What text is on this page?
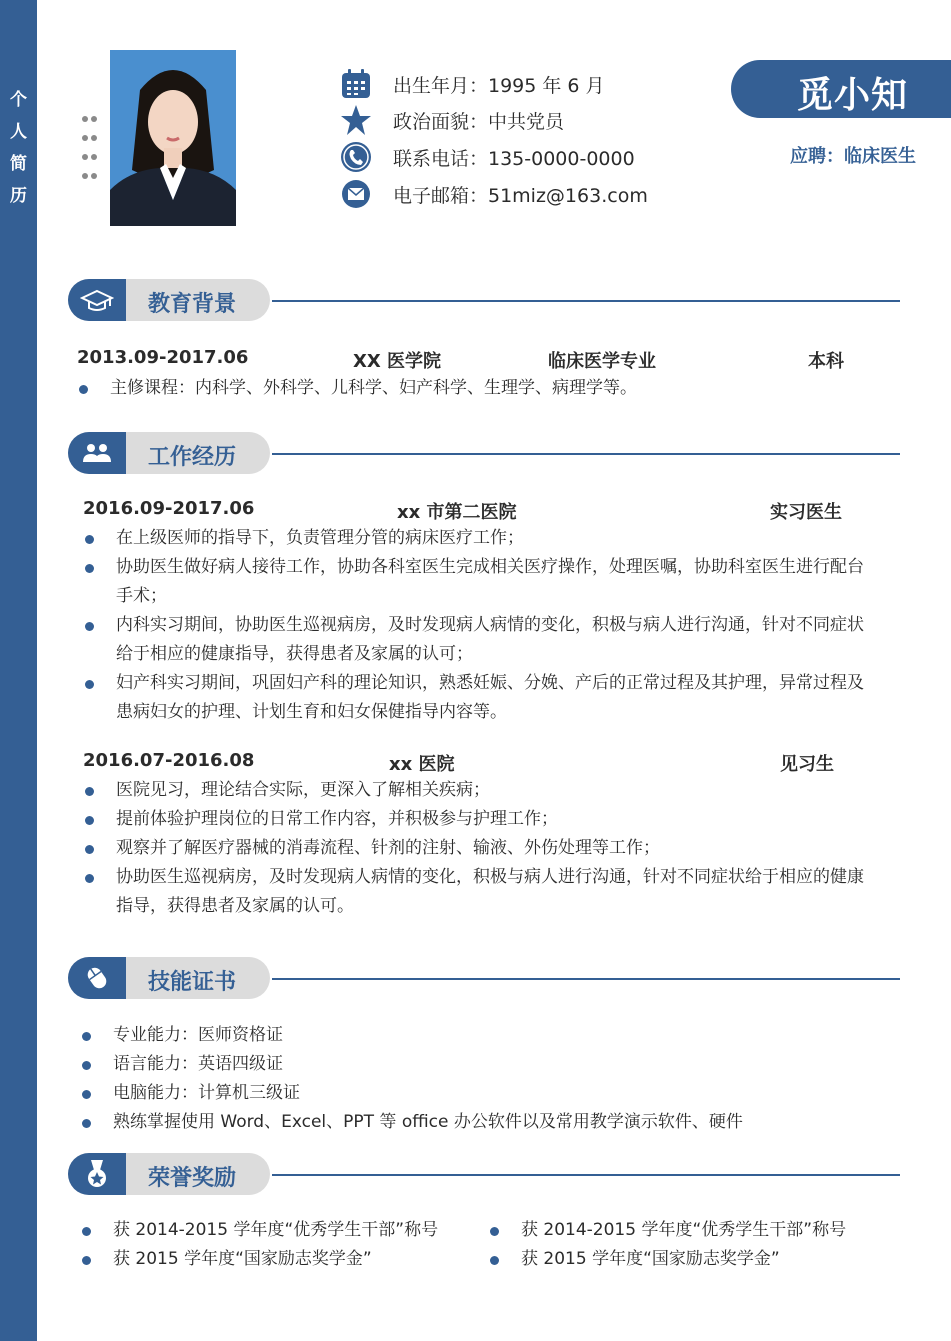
个
人
简
历
出生年月：1995 年 6 月
政治面貌：中共党员
联系电话：135-0000-0000
电子邮箱：51miz@163.com
觅小知
应聘：临床医生
教育背景
2013.09-2017.06	XX 医学院	临床医学专业	本科
主修课程：内科学、外科学、儿科学、妇产科学、生理学、病理学等。
工作经历
2016.09-2017.06	xx 市第二医院	实习医生
在上级医师的指导下，负责管理分管的病床医疗工作；
协助医生做好病人接待工作，协助各科室医生完成相关医疗操作，处理医嘱，协助科室医生进行配台手术；
内科实习期间，协助医生巡视病房，及时发现病人病情的变化，积极与病人进行沟通，针对不同症状给于相应的健康指导，获得患者及家属的认可；
妇产科实习期间，巩固妇产科的理论知识，熟悉妊娠、分娩、产后的正常过程及其护理，异常过程及患病妇女的护理、计划生育和妇女保健指导内容等。
2016.07-2016.08	xx 医院	见习生
医院见习，理论结合实际，更深入了解相关疾病；
提前体验护理岗位的日常工作内容，并积极参与护理工作；
观察并了解医疗器械的消毒流程、针剂的注射、输液、外伤处理等工作；
协助医生巡视病房，及时发现病人病情的变化，积极与病人进行沟通，针对不同症状给于相应的健康指导，获得患者及家属的认可。
技能证书
专业能力：医师资格证
语言能力：英语四级证
电脑能力：计算机三级证
熟练掌握使用 Word、Excel、PPT 等 office 办公软件以及常用教学演示软件、硬件
荣誉奖励
获 2014-2015 学年度“优秀学生干部”称号	获 2014-2015 学年度“优秀学生干部”称号
获 2015 学年度“国家励志奖学金”	获 2015 学年度“国家励志奖学金”
